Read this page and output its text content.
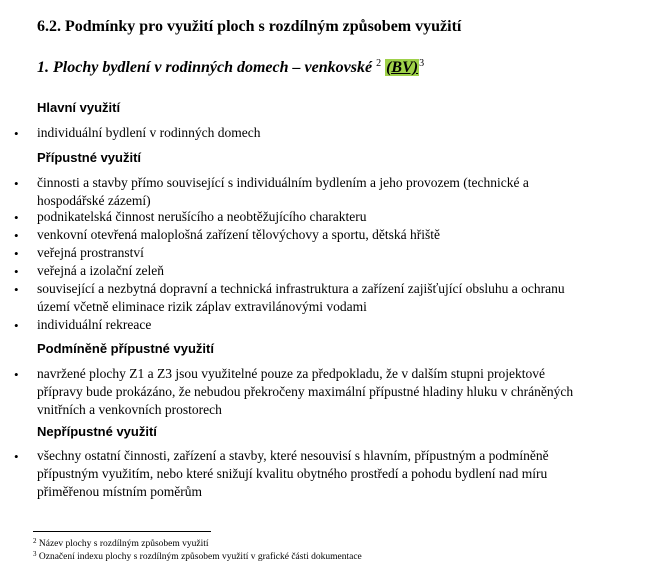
6.2. Podmínky pro využití ploch s rozdílným způsobem využití
1. Plochy bydlení v rodinných domech – venkovské $^2$ (BV)$^3$
Hlavní využití
• individuální bydlení v rodinných domech
Přípustné využití
• činnosti a stavby přímo související s individuálním bydlením a jeho provozem (technické a
hospodářské zázemí)
• podnikatelská činnost nerušícího a neobtěžujícího charakteru
• venkovní otevřená maloplošná zařízení tělovýchovy a sportu, dětská hřiště
• veřejná prostranství
• veřejná a izolační zeleň
• související a nezbytná dopravní a technická infrastruktura a zařízení zajišťující obsluhu a ochranu
území včetně eliminace rizik záplav extravilánovými vodami
• individuální rekreace
Podmíněně přípustné využití
• navržené plochy Z1 a Z3 jsou využitelné pouze za předpokladu, že v dalším stupni projektové
přípravy bude prokázáno, že nebudou překročeny maximální přípustné hladiny hluku v chráněných
vnitřních a venkovních prostorech
Nepřípustné využití
• všechny ostatní činnosti, zařízení a stavby, které nesouvisí s hlavním, přípustným a podmíněně
přípustným využitím, nebo které snižují kvalitu obytného prostředí a pohodu bydlení nad míru
přiměřenou místním poměrům
$^2$ Název plochy s rozdílným způsobem využití
$^3$ Označení indexu plochy s rozdílným způsobem využití v grafické části dokumentace
